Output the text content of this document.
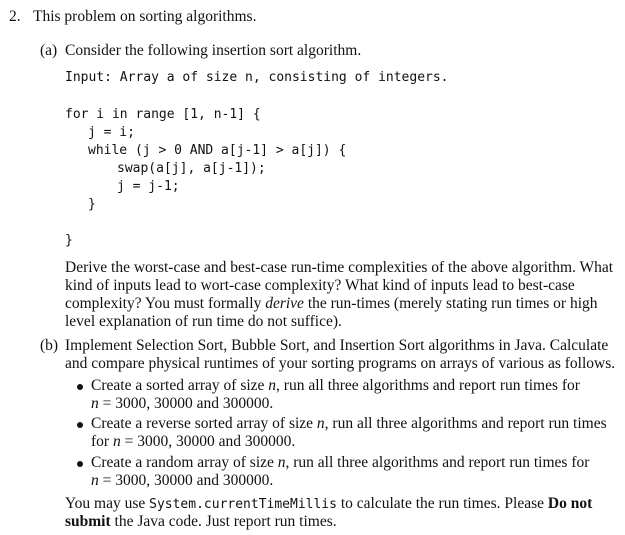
2. This problem on sorting algorithms.
(a) Consider the following insertion sort algorithm.
Input: Array a of size n, consisting of integers.
for i in range [1, n-1] {
j = i;
while (j > 0 AND a[j-1] > a[j]) {
swap(a[j], a[j-1]);
j = j-1;
}
}
Derive the worst-case and best-case run-time complexities of the above algorithm. What
kind of inputs lead to wort-case complexity? What kind of inputs lead to best-case
complexity? You must formally derive the run-times (merely stating run times or high
level explanation of run time do not suffice).
(b) Implement Selection Sort, Bubble Sort, and Insertion Sort algorithms in Java. Calculate
and compare physical runtimes of your sorting programs on arrays of various as follows.
Create a sorted array of size n, run all three algorithms and report run times for
n = 3000, 30000 and 300000.
Create a reverse sorted array of size n, run all three algorithms and report run times
for n = 3000, 30000 and 300000.
Create a random array of size n, run all three algorithms and report run times for
n = 3000, 30000 and 300000.
You may use System.currentTimeMillis to calculate the run times. Please Do not
submit the Java code. Just report run times.
